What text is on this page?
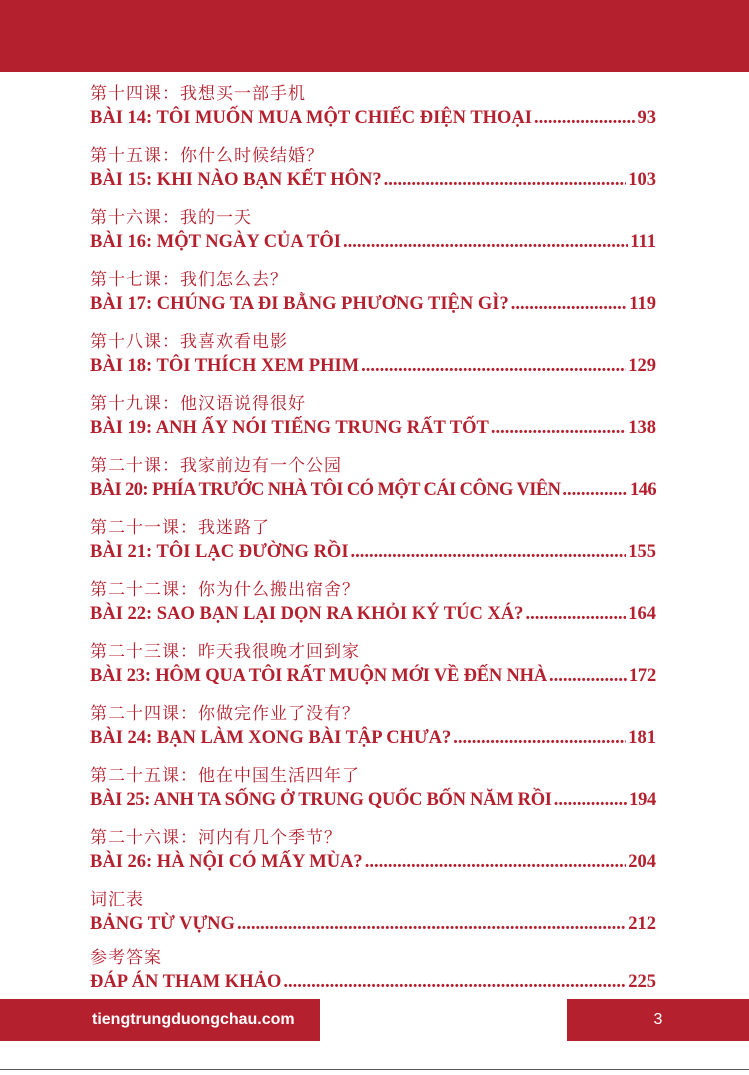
第十四课：我想买一部手机
BÀI 14: TÔI MUỐN MUA MỘT CHIẾC ĐIỆN THOẠI .....	93
第十五课：你什么时候结婚？
BÀI 15: KHI NÀO BẠN KẾT HÔN? .....	103
第十六课：我的一天
BÀI 16: MỘT NGÀY CỦA TÔI .....	111
第十七课：我们怎么去？
BÀI 17: CHÚNG TA ĐI BẰNG PHƯƠNG TIỆN GÌ? .....	119
第十八课：我喜欢看电影
BÀI 18: TÔI THÍCH XEM PHIM .....	129
第十九课：他汉语说得很好
BÀI 19: ANH ẤY NÓI TIẾNG TRUNG RẤT TỐT .....	138
第二十课：我家前边有一个公园
BÀI 20: PHÍA TRƯỚC NHÀ TÔI CÓ MỘT CÁI CÔNG VIÊN .....	146
第二十一课：我迷路了
BÀI 21: TÔI LẠC ĐƯỜNG RỒI .....	155
第二十二课：你为什么搬出宿舍？
BÀI 22: SAO BẠN LẠI DỌN RA KHỎI KÝ TÚC XÁ? .....	164
第二十三课：昨天我很晚才回到家
BÀI 23: HÔM QUA TÔI RẤT MUỘN MỚI VỀ ĐẾN NHÀ .....	172
第二十四课：你做完作业了没有？
BÀI 24: BẠN LÀM XONG BÀI TẬP CHƯA? .....	181
第二十五课：他在中国生活四年了
BÀI 25: ANH TA SỐNG Ở TRUNG QUỐC BỐN NĂM RỒI .....	194
第二十六课：河内有几个季节？
BÀI 26: HÀ NỘI CÓ MẤY MÙA? .....	204
词汇表
BẢNG TỪ VỰNG .....	212
参考答案
ĐÁP ÁN THAM KHẢO .....	225
tiengtrungduongchau.com	3
